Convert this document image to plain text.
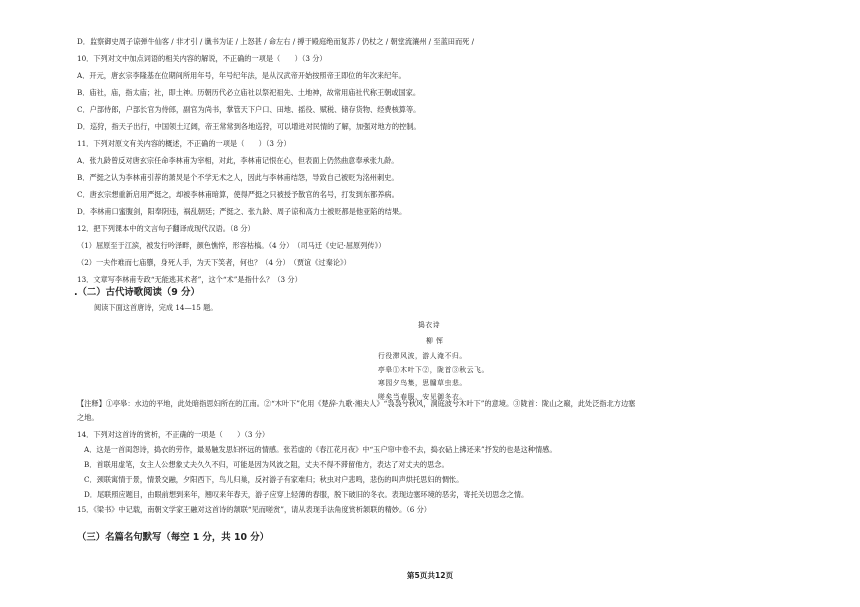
D．监察御史周子谅弹牛仙客 / 非才引 / 谶书为证 / 上怒甚 / 命左右 / 搏于殿庭绝而复苏 / 仍杖之 / 朝堂流瀼州 / 至蓝田而死 /
10．下列对文中加点词语的相关内容的解说，不正确的一项是（　　）（3 分）
A．开元，唐玄宗李隆基在位期间所用年号，年号纪年法，是从汉武帝开始按照帝王即位的年次来纪年。
B．庙社，庙，指太庙；社，即土神。历朝历代必立庙社以祭祀祖先、土地神，故常用庙社代称王朝或国家。
C．户部侍郎，户部长官为侍郎，副官为尚书，掌管天下户口、田地、摇役、赋税、储存货物、经费核算等。
D．巡狩，指天子出行，中国领土辽阔，帝王常常到各地巡狩，可以增进对民情的了解，加强对地方的控制。
11．下列对原文有关内容的概述，不正确的一项是（　　）（3 分）
A．张九龄曾反对唐玄宗任命李林甫为宰相，对此，李林甫记恨在心，但表面上仍然曲意奉承张九龄。
B．严挺之认为李林甫引荐的萧炅是个不学无术之人，因此与李林甫结怨，导致自己被贬为洺州刺史。
C．唐玄宗想重新启用严挺之，却被李林甫暗算，使得严挺之只被授予散官的名号，打发到东都养病。
D．李林甫口蜜腹剑，阳奉阴违，祸乱朝廷；严挺之、张九龄、周子谅和高力士被贬都是他亚陷的结果。
12．把下列课本中的文言句子翻译成现代汉语。（8 分）
（1）屈原至于江滨，被发行吟泽畔，颜色憔悴，形容枯槁。（4 分）　（司马迁《史记·屈原列传》）
（2）一夫作难而七庙隳，身死人手，为天下笑者，何也？（4 分）　（贾谊《过秦论》）
13．文章写李林甫专政“无能逃其术者”，这个“术”是指什么？（3 分）
.（二）古代诗歌阅读（9 分）
阅读下面这首唐诗，完成 14—15 题。
捣衣诗
柳 恽
行役滞风波，游人淹不归。
亭皋①木叶下②，陇首③秋云飞。
寒园夕鸟集，思牖草虫悲。
嗟矣当春服，安见御冬衣。
【注释】①亭皋：水边的平地，此处暗指思妇所在的江南。②“木叶下”化用《楚辞·九歌·湘夫人》“袅袅兮秋风，洞庭波兮木叶下”的意境。③陇首：陇山之巅，此处泛指北方边塞
之地。
14．下列对这首诗的赏析，不正确的一项是（　　）（3 分）
A．这是一首闺怨诗，捣衣的劳作，最易触发思妇怀远的情感。张若虚的《春江花月夜》中“玉户帘中卷不去，捣衣砧上拂还来”抒发的也是这种情感。
B．首联用虚笔，女主人公想象丈夫久久不归，可能是因为风波之阻，丈夫不得不滞留他方，表达了对丈夫的思念。
C．颈联寓情于景，情景交融，夕阳西下，鸟儿归巢，反衬游子有家难归；秋虫对户悲鸣，悲伤的叫声烘托思妇的惆怅。
D．尾联照应题目，由眼前想到来年，翘叹来年春天，游子应穿上轻薄的春服，脱下破旧的冬衣。表现边塞环境的恶劣，寄托关切思念之情。
15．《梁书》中记载，南朝文学家王融对这首诗的颔联“见而嗟赏”，请从表现手法角度赏析颔联的精妙。（6 分）
（三）名篇名句默写（每空 1 分，共 10 分）
第5页共12页
